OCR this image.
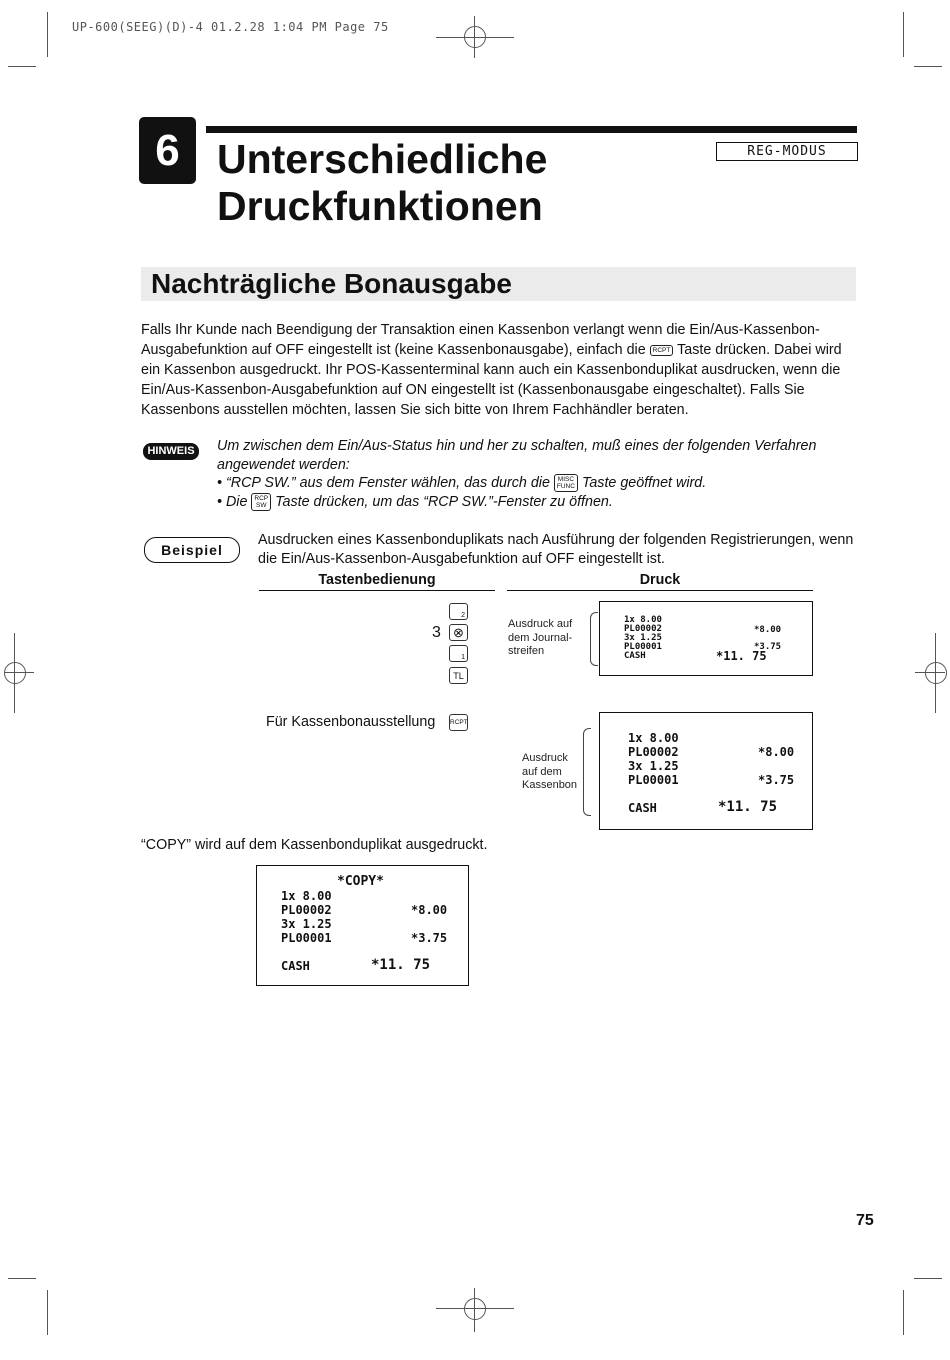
UP-600(SEEG)(D)-4 01.2.28 1:04 PM Page 75
6 Unterschiedliche
Druckfunktionen
REG-MODUS
Nachträgliche Bonausgabe
Falls Ihr Kunde nach Beendigung der Transaktion einen Kassenbon verlangt wenn die Ein/Aus-Kassenbon-Ausgabefunktion auf OFF eingestellt ist (keine Kassenbonausgabe), einfach die RCPT Taste drücken. Dabei wird ein Kassenbon ausgedruckt. Ihr POS-Kassenterminal kann auch ein Kassenbonduplikat ausdrucken, wenn die Ein/Aus-Kassenbon-Ausgabefunktion auf ON eingestellt ist (Kassenbonausgabe eingeschaltet). Falls Sie Kassenbons ausstellen möchten, lassen Sie sich bitte von Ihrem Fachhändler beraten.
HINWEIS	Um zwischen dem Ein/Aus-Status hin und her zu schalten, muß eines der folgenden Verfahren angewendet werden:
• “RCP SW.” aus dem Fenster wählen, das durch die MISC
FUNC Taste geöffnet wird.
• Die RCP
SW Taste drücken, um das “RCP SW.”-Fenster zu öffnen.
Beispiel
Ausdrucken eines Kassenbonduplikats nach Ausführung der folgenden Registrierungen, wenn die Ein/Aus-Kassenbon-Ausgabefunktion auf OFF eingestellt ist.
Tastenbedienung	Druck
2
3 ⊗
1
TL
Für Kassenbonausstellung RCPT
Ausdruck auf
dem Journal-
streifen
1x 8.00
PL00002
3x 1.25
PL00001
CASH
*8.00
*3.75
*11. 75
Ausdruck
auf dem
Kassenbon
1x 8.00
PL00002
3x 1.25
PL00001
CASH
*8.00
*3.75
*11. 75
“COPY” wird auf dem Kassenbonduplikat ausgedruckt.
*COPY*
1x 8.00
PL00002
3x 1.25
PL00001
CASH
*8.00
*3.75
*11. 75
75
